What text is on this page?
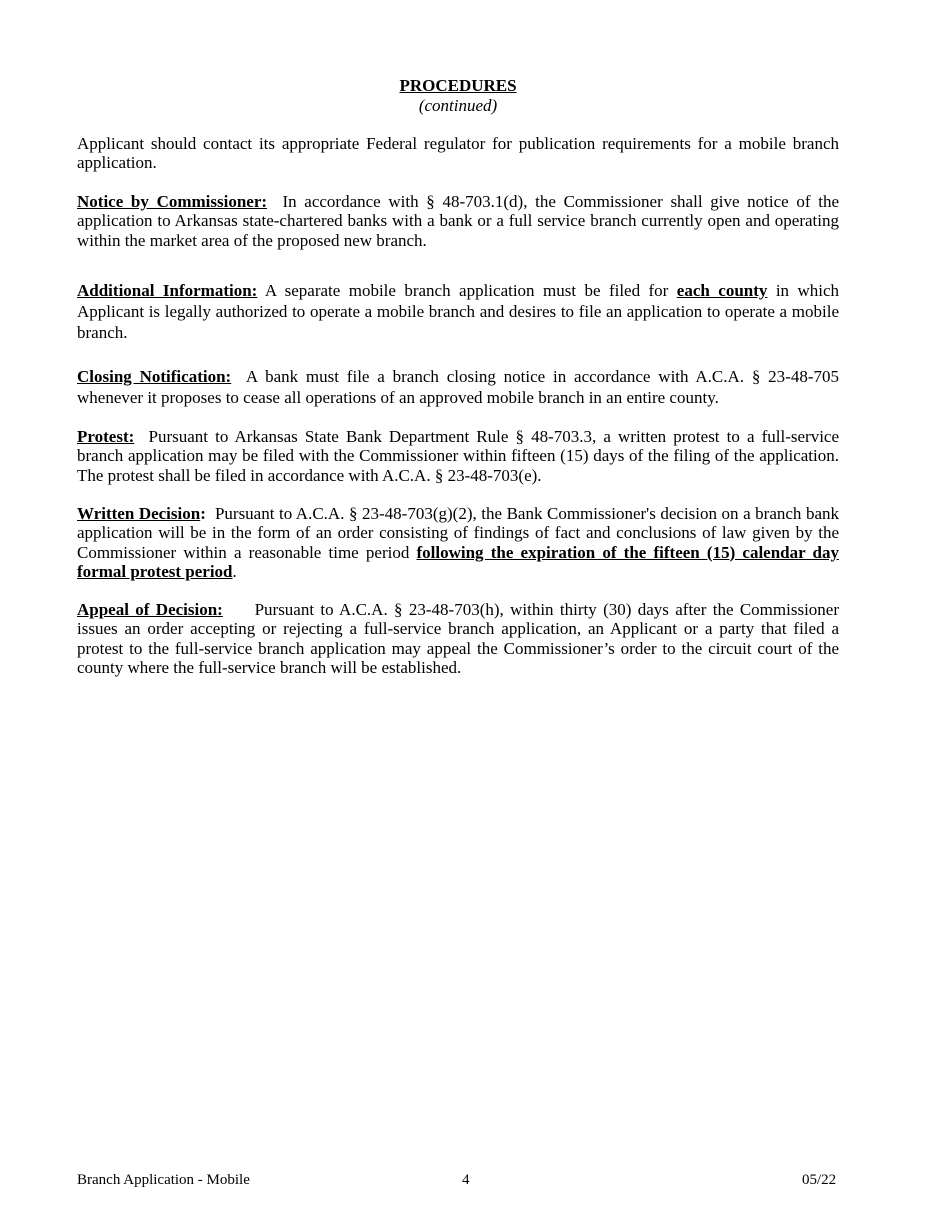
PROCEDURES
(continued)

Applicant should contact its appropriate Federal regulator for publication requirements for a mobile branch application.

Notice by Commissioner: In accordance with § 48-703.1(d), the Commissioner shall give notice of the application to Arkansas state-chartered banks with a bank or a full service branch currently open and operating within the market area of the proposed new branch.

Additional Information: A separate mobile branch application must be filed for each county in which Applicant is legally authorized to operate a mobile branch and desires to file an application to operate a mobile branch.

Closing Notification: A bank must file a branch closing notice in accordance with A.C.A. § 23-48-705 whenever it proposes to cease all operations of an approved mobile branch in an entire county.

Protest: Pursuant to Arkansas State Bank Department Rule § 48-703.3, a written protest to a full-service branch application may be filed with the Commissioner within fifteen (15) days of the filing of the application. The protest shall be filed in accordance with A.C.A. § 23-48-703(e).

Written Decision: Pursuant to A.C.A. § 23-48-703(g)(2), the Bank Commissioner's decision on a branch bank application will be in the form of an order consisting of findings of fact and conclusions of law given by the Commissioner within a reasonable time period following the expiration of the fifteen (15) calendar day formal protest period.

Appeal of Decision: Pursuant to A.C.A. § 23-48-703(h), within thirty (30) days after the Commissioner issues an order accepting or rejecting a full-service branch application, an Applicant or a party that filed a protest to the full-service branch application may appeal the Commissioner’s order to the circuit court of the county where the full-service branch will be established.

Branch Application - Mobile	4	05/22
